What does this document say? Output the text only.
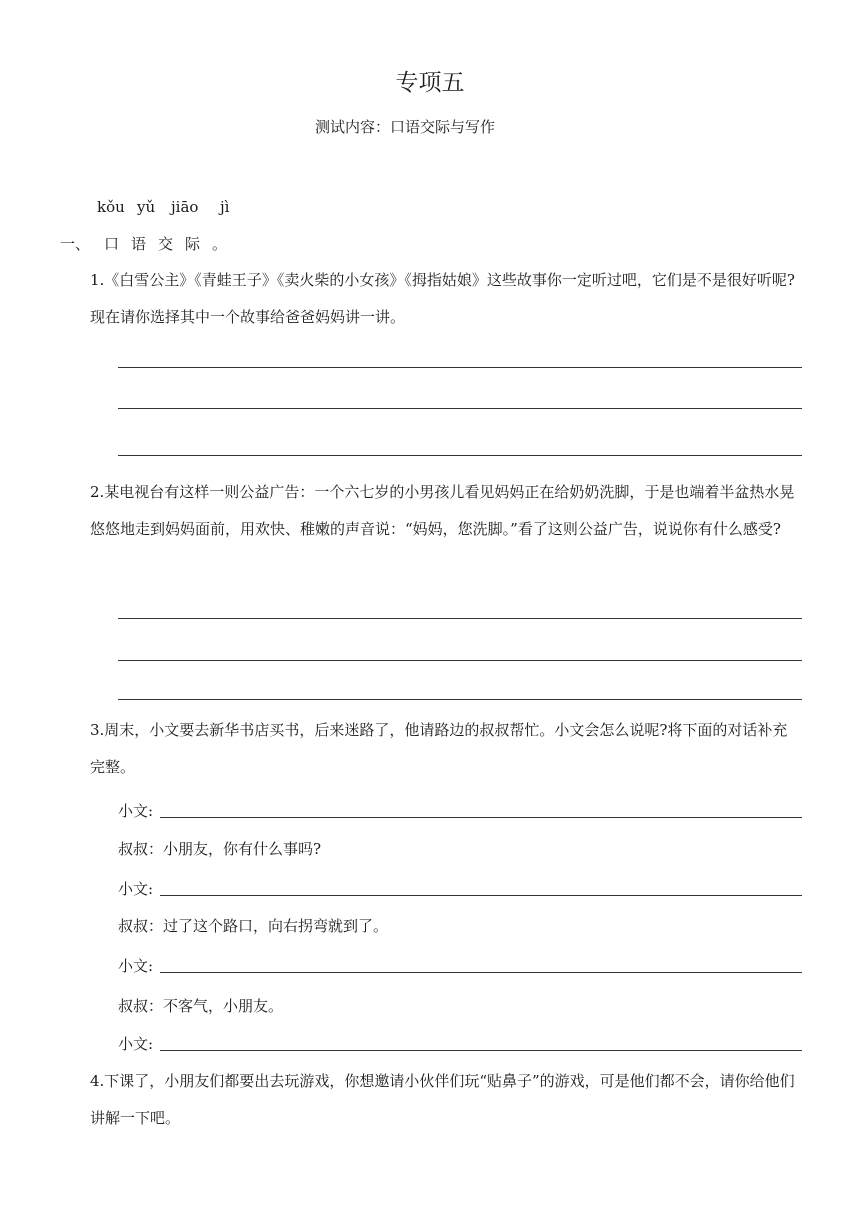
专项五
测试内容：口语交际与写作
kǒu yǔ jiāo jì
一、 口语交际。
1.《白雪公主》《青蛙王子》《卖火柴的小女孩》《拇指姑娘》这些故事你一定听过吧，它们是不是很好听呢?现在请你选择其中一个故事给爸爸妈妈讲一讲。
2.某电视台有这样一则公益广告：一个六七岁的小男孩儿看见妈妈正在给奶奶洗脚，于是也端着半盆热水晃悠悠地走到妈妈面前，用欢快、稚嫩的声音说：“妈妈，您洗脚。”看了这则公益广告，说说你有什么感受?
3.周末，小文要去新华书店买书，后来迷路了，他请路边的叔叔帮忙。小文会怎么说呢?将下面的对话补充完整。
小文:
叔叔：小朋友，你有什么事吗?
小文:
叔叔：过了这个路口，向右拐弯就到了。
小文:
叔叔：不客气，小朋友。
小文:
4.下课了，小朋友们都要出去玩游戏，你想邀请小伙伴们玩“贴鼻子”的游戏，可是他们都不会，请你给他们讲解一下吧。
